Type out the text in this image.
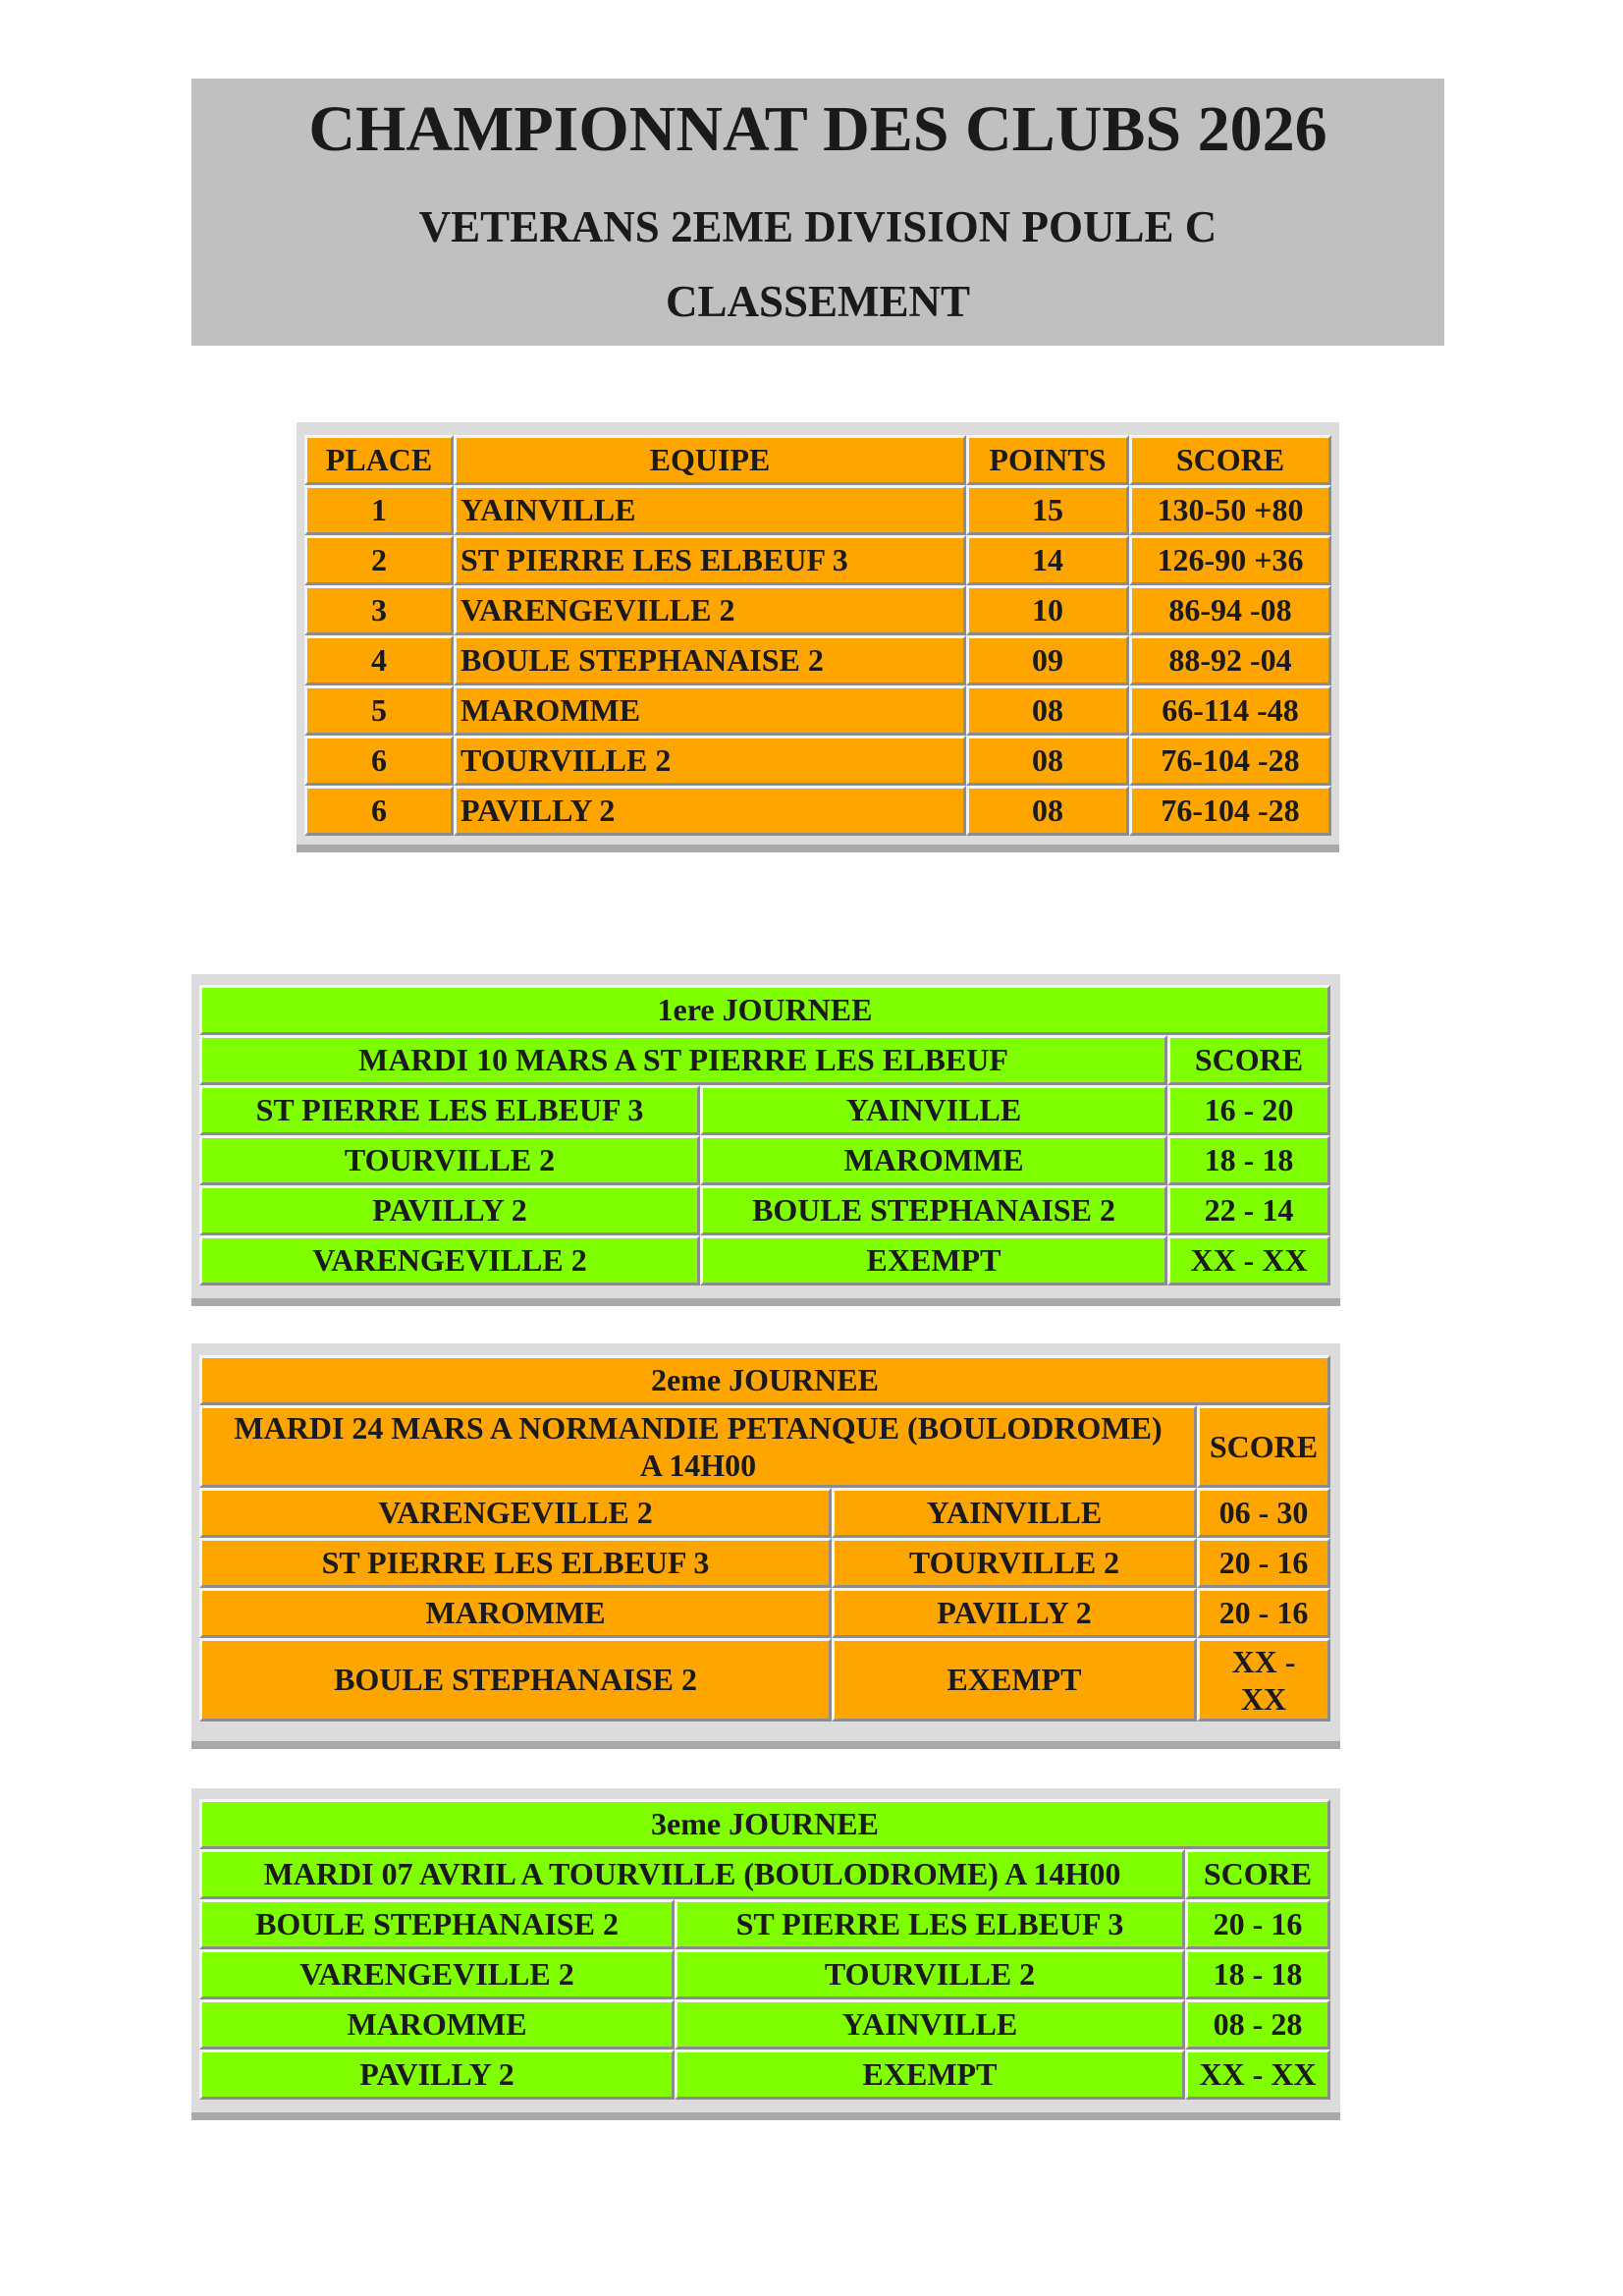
CHAMPIONNAT DES CLUBS 2026
VETERANS 2EME DIVISION POULE C
CLASSEMENT
PLACE	EQUIPE	POINTS	SCORE
1	YAINVILLE	15	130-50 +80
2	ST PIERRE LES ELBEUF 3	14	126-90 +36
3	VARENGEVILLE 2	10	86-94 -08
4	BOULE STEPHANAISE 2	09	88-92 -04
5	MAROMME	08	66-114 -48
6	TOURVILLE 2	08	76-104 -28
6	PAVILLY 2	08	76-104 -28
1ere JOURNEE		
MARDI 10 MARS A ST PIERRE LES ELBEUF		SCORE
ST PIERRE LES ELBEUF 3	YAINVILLE	16 - 20
TOURVILLE 2	MAROMME	18 - 18
PAVILLY 2	BOULE STEPHANAISE 2	22 - 14
VARENGEVILLE 2	EXEMPT	XX - XX
2eme JOURNEE		

MARDI 24 MARS A NORMANDIE PETANQUE (BOULODROME)
A 14H00		SCORE
VARENGEVILLE 2	YAINVILLE	06 - 30
ST PIERRE LES ELBEUF 3	TOURVILLE 2	20 - 16
MAROMME	PAVILLY 2	20 - 16
BOULE STEPHANAISE 2	EXEMPT	XX -
XX
3eme JOURNEE		
MARDI 07 AVRIL A TOURVILLE (BOULODROME) A 14H00		SCORE
BOULE STEPHANAISE 2	ST PIERRE LES ELBEUF 3	20 - 16
VARENGEVILLE 2	TOURVILLE 2	18 - 18
MAROMME	YAINVILLE	08 - 28
PAVILLY 2	EXEMPT	XX - XX
